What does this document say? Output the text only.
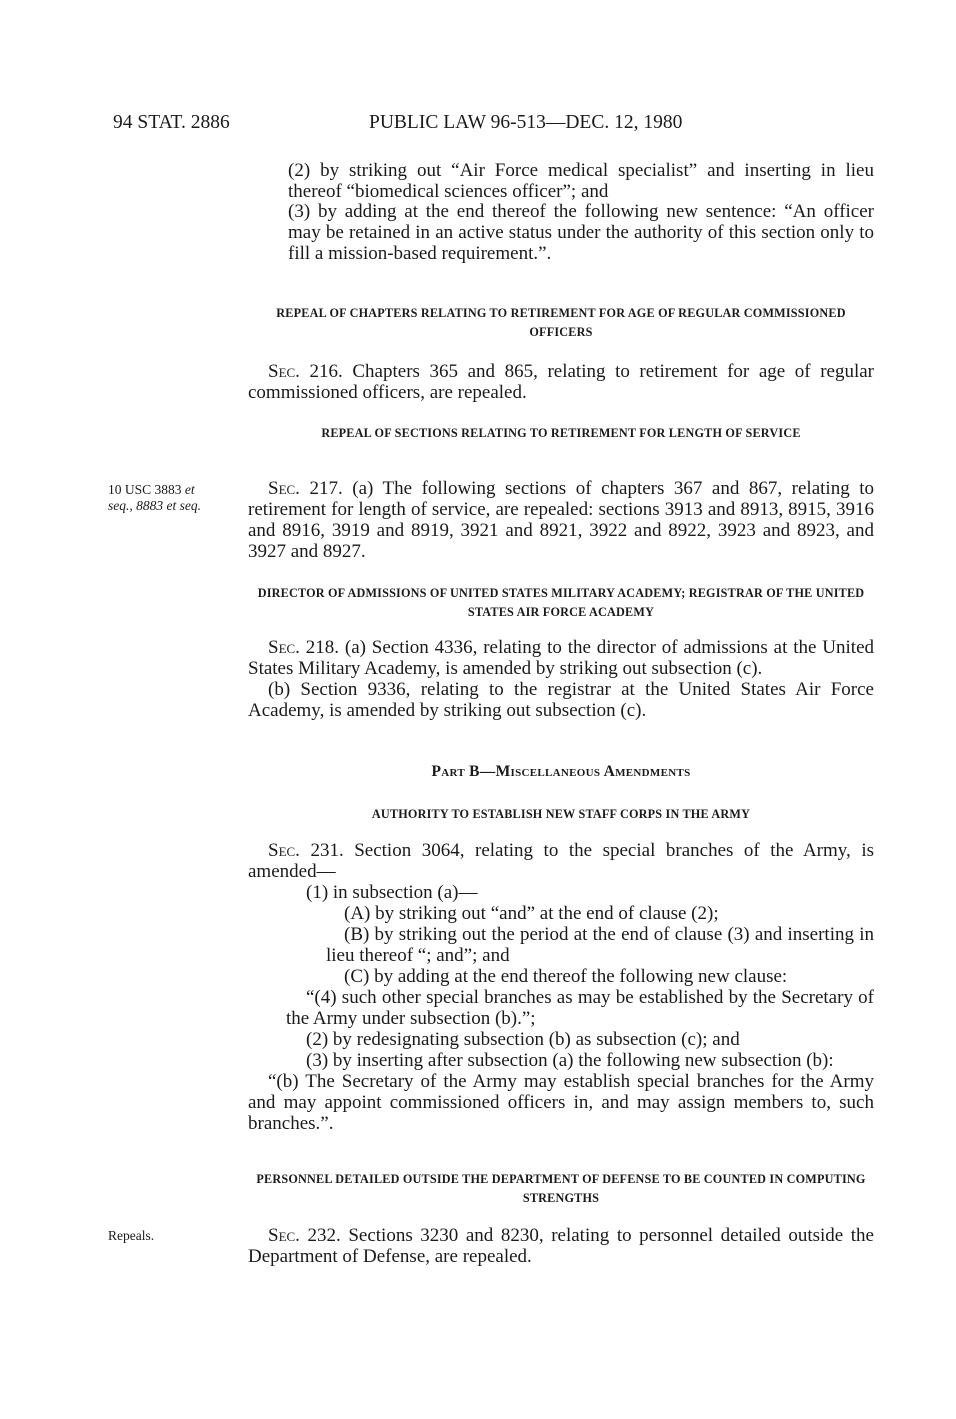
94 STAT. 2886	PUBLIC LAW 96-513—DEC. 12, 1980

(2) by striking out “Air Force medical specialist” and inserting in lieu thereof “biomedical sciences officer”; and

(3) by adding at the end thereof the following new sentence: “An officer may be retained in an active status under the authority of this section only to fill a mission-based requirement.”.

REPEAL OF CHAPTERS RELATING TO RETIREMENT FOR AGE OF REGULAR COMMISSIONED OFFICERS

Sec. 216. Chapters 365 and 865, relating to retirement for age of regular commissioned officers, are repealed.

REPEAL OF SECTIONS RELATING TO RETIREMENT FOR LENGTH OF SERVICE
10 USC 3883 et
seq., 8883 et seq.

Sec. 217. (a) The following sections of chapters 367 and 867, relating to retirement for length of service, are repealed: sections 3913 and 8913, 8915, 3916 and 8916, 3919 and 8919, 3921 and 8921, 3922 and 8922, 3923 and 8923, and 3927 and 8927.

DIRECTOR OF ADMISSIONS OF UNITED STATES MILITARY ACADEMY; REGISTRAR OF THE UNITED STATES AIR FORCE ACADEMY

Sec. 218. (a) Section 4336, relating to the director of admissions at the United States Military Academy, is amended by striking out subsection (c).

(b) Section 9336, relating to the registrar at the United States Air Force Academy, is amended by striking out subsection (c).

Part B—Miscellaneous Amendments
AUTHORITY TO ESTABLISH NEW STAFF CORPS IN THE ARMY

Sec. 231. Section 3064, relating to the special branches of the Army, is amended—

(1) in subsection (a)—

(A) by striking out “and” at the end of clause (2);

(B) by striking out the period at the end of clause (3) and inserting in lieu thereof “; and”; and

(C) by adding at the end thereof the following new clause:

“(4) such other special branches as may be established by the Secretary of the Army under subsection (b).”;

(2) by redesignating subsection (b) as subsection (c); and

(3) by inserting after subsection (a) the following new subsection (b):

“(b) The Secretary of the Army may establish special branches for the Army and may appoint commissioned officers in, and may assign members to, such branches.”.

PERSONNEL DETAILED OUTSIDE THE DEPARTMENT OF DEFENSE TO BE COUNTED IN COMPUTING STRENGTHS
Repeals.	Sec. 232. Sections 3230 and 8230, relating to personnel detailed outside the Department of Defense, are repealed.
